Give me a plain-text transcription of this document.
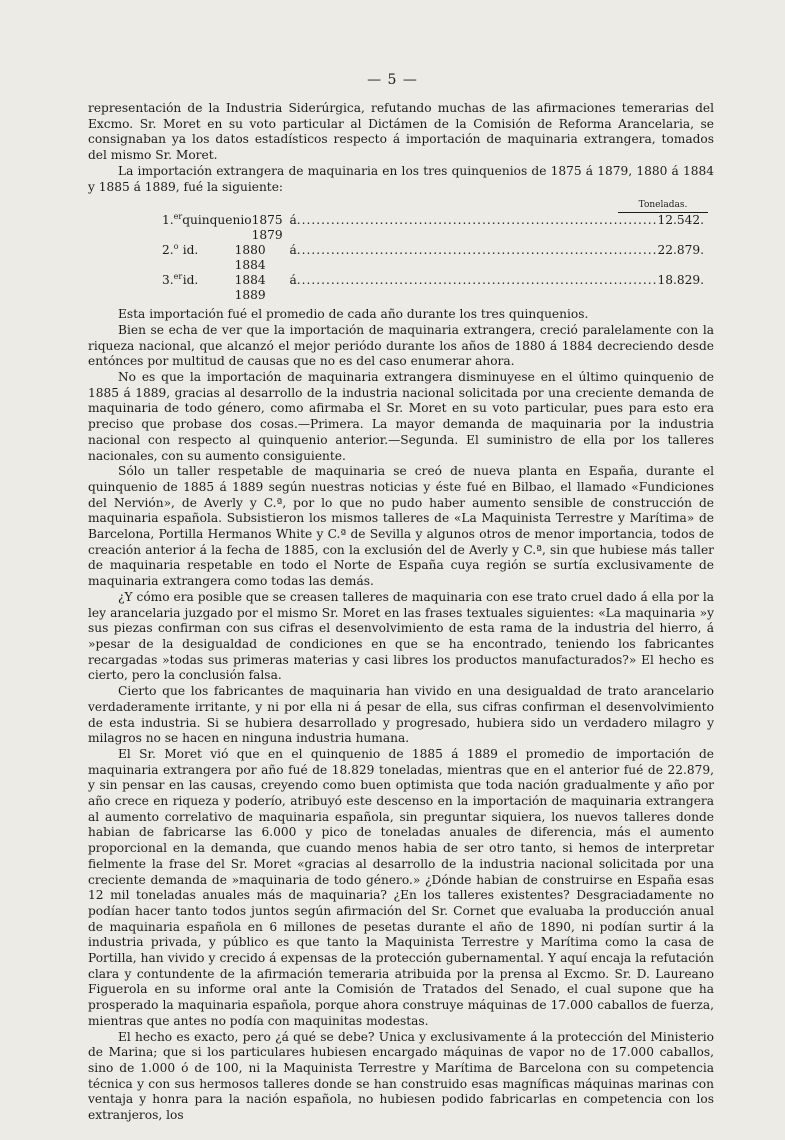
— 5 —

representación de la Industria Siderúrgica, refutando muchas de las afirmaciones temerarias del Excmo. Sr. Moret en su voto particular al Dictámen de la Comisión de Reforma Arancelaria, se consignaban ya los datos estadísticos respecto á importación de maquinaria extrangera, tomados del mismo Sr. Moret.

La importación extrangera de maquinaria en los tres quinquenios de 1875 á 1879, 1880 á 1884 y 1885 á 1889, fué la siguiente:

Toneladas.
1.$^{er}$ quinquenio 1875 á 1879
.......................................................................... 12.542.
2.$^o$ id.	1880 á 1884
.......................................................................... 22.879.
3.$^{er}$ id.	1884 á 1889
.......................................................................... 18.829.

Esta importación fué el promedio de cada año durante los tres quinquenios.

Bien se echa de ver que la importación de maquinaria extrangera, creció paralelamente con la riqueza nacional, que alcanzó el mejor periódo durante los años de 1880 á 1884 decreciendo desde entónces por multitud de causas que no es del caso enumerar ahora.

No es que la importación de maquinaria extrangera disminuyese en el último quinquenio de 1885 á 1889, gracias al desarrollo de la industria nacional solicitada por una creciente demanda de maquinaria de todo género, como afirmaba el Sr. Moret en su voto particular, pues para esto era preciso que probase dos cosas.—Primera. La mayor demanda de maquinaria por la industria nacional con respecto al quinquenio anterior.—Segunda. El suministro de ella por los talleres nacionales, con su aumento consiguiente.

Sólo un taller respetable de maquinaria se creó de nueva planta en España, durante el quinquenio de 1885 á 1889 según nuestras noticias y éste fué en Bilbao, el llamado «Fundiciones del Nervión», de Averly y C.ª, por lo que no pudo haber aumento sensible de construcción de maquinaria española. Subsistieron los mismos talleres de «La Maquinista Terrestre y Marítima» de Barcelona, Portilla Hermanos White y C.ª de Sevilla y algunos otros de menor importancia, todos de creación anterior á la fecha de 1885, con la exclusión del de Averly y C.ª, sin que hubiese más taller de maquinaria respetable en todo el Norte de España cuya región se surtía exclusivamente de maquinaria extrangera como todas las demás.

¿Y cómo era posible que se creasen talleres de maquinaria con ese trato cruel dado á ella por la ley arancelaria juzgado por el mismo Sr. Moret en las frases textuales siguientes: «La maquinaria »y sus piezas confirman con sus cifras el desenvolvimiento de esta rama de la industria del hierro, á »pesar de la desigualdad de condiciones en que se ha encontrado, teniendo los fabricantes recargadas »todas sus primeras materias y casi libres los productos manufacturados?» El hecho es cierto, pero la conclusión falsa.

Cierto que los fabricantes de maquinaria han vivido en una desigualdad de trato arancelario verdaderamente irritante, y ni por ella ni á pesar de ella, sus cifras confirman el desenvolvimiento de esta industria. Si se hubiera desarrollado y progresado, hubiera sido un verdadero milagro y milagros no se hacen en ninguna industria humana.

El Sr. Moret vió que en el quinquenio de 1885 á 1889 el promedio de importación de maquinaria extrangera por año fué de 18.829 toneladas, mientras que en el anterior fué de 22.879, y sin pensar en las causas, creyendo como buen optimista que toda nación gradualmente y año por año crece en riqueza y poderío, atribuyó este descenso en la importación de maquinaria extrangera al aumento correlativo de maquinaria española, sin preguntar siquiera, los nuevos talleres donde habian de fabricarse las 6.000 y pico de toneladas anuales de diferencia, más el aumento proporcional en la demanda, que cuando menos habia de ser otro tanto, si hemos de interpretar fielmente la frase del Sr. Moret «gracias al desarrollo de la industria nacional solicitada por una creciente demanda de »maquinaria de todo género.» ¿Dónde habian de construirse en España esas 12 mil toneladas anuales más de maquinaria? ¿En los talleres existentes? Desgraciadamente no podían hacer tanto todos juntos según afirmación del Sr. Cornet que evaluaba la producción anual de maquinaria española en 6 millones de pesetas durante el año de 1890, ni podían surtir á la industria privada, y público es que tanto la Maquinista Terrestre y Marítima como la casa de Portilla, han vivido y crecido á expensas de la protección gubernamental. Y aquí encaja la refutación clara y contundente de la afirmación temeraria atribuida por la prensa al Excmo. Sr. D. Laureano Figuerola en su informe oral ante la Comisión de Tratados del Senado, el cual supone que ha prosperado la maquinaria española, porque ahora construye máquinas de 17.000 caballos de fuerza, mientras que antes no podía con maquinitas modestas.

El hecho es exacto, pero ¿á qué se debe? Unica y exclusivamente á la protección del Ministerio de Marina; que si los particulares hubiesen encargado máquinas de vapor no de 17.000 caballos, sino de 1.000 ó de 100, ni la Maquinista Terrestre y Marítima de Barcelona con su competencia técnica y con sus hermosos talleres donde se han construido esas magníficas máquinas marinas con ventaja y honra para la nación española, no hubiesen podido fabricarlas en competencia con los extranjeros, los
